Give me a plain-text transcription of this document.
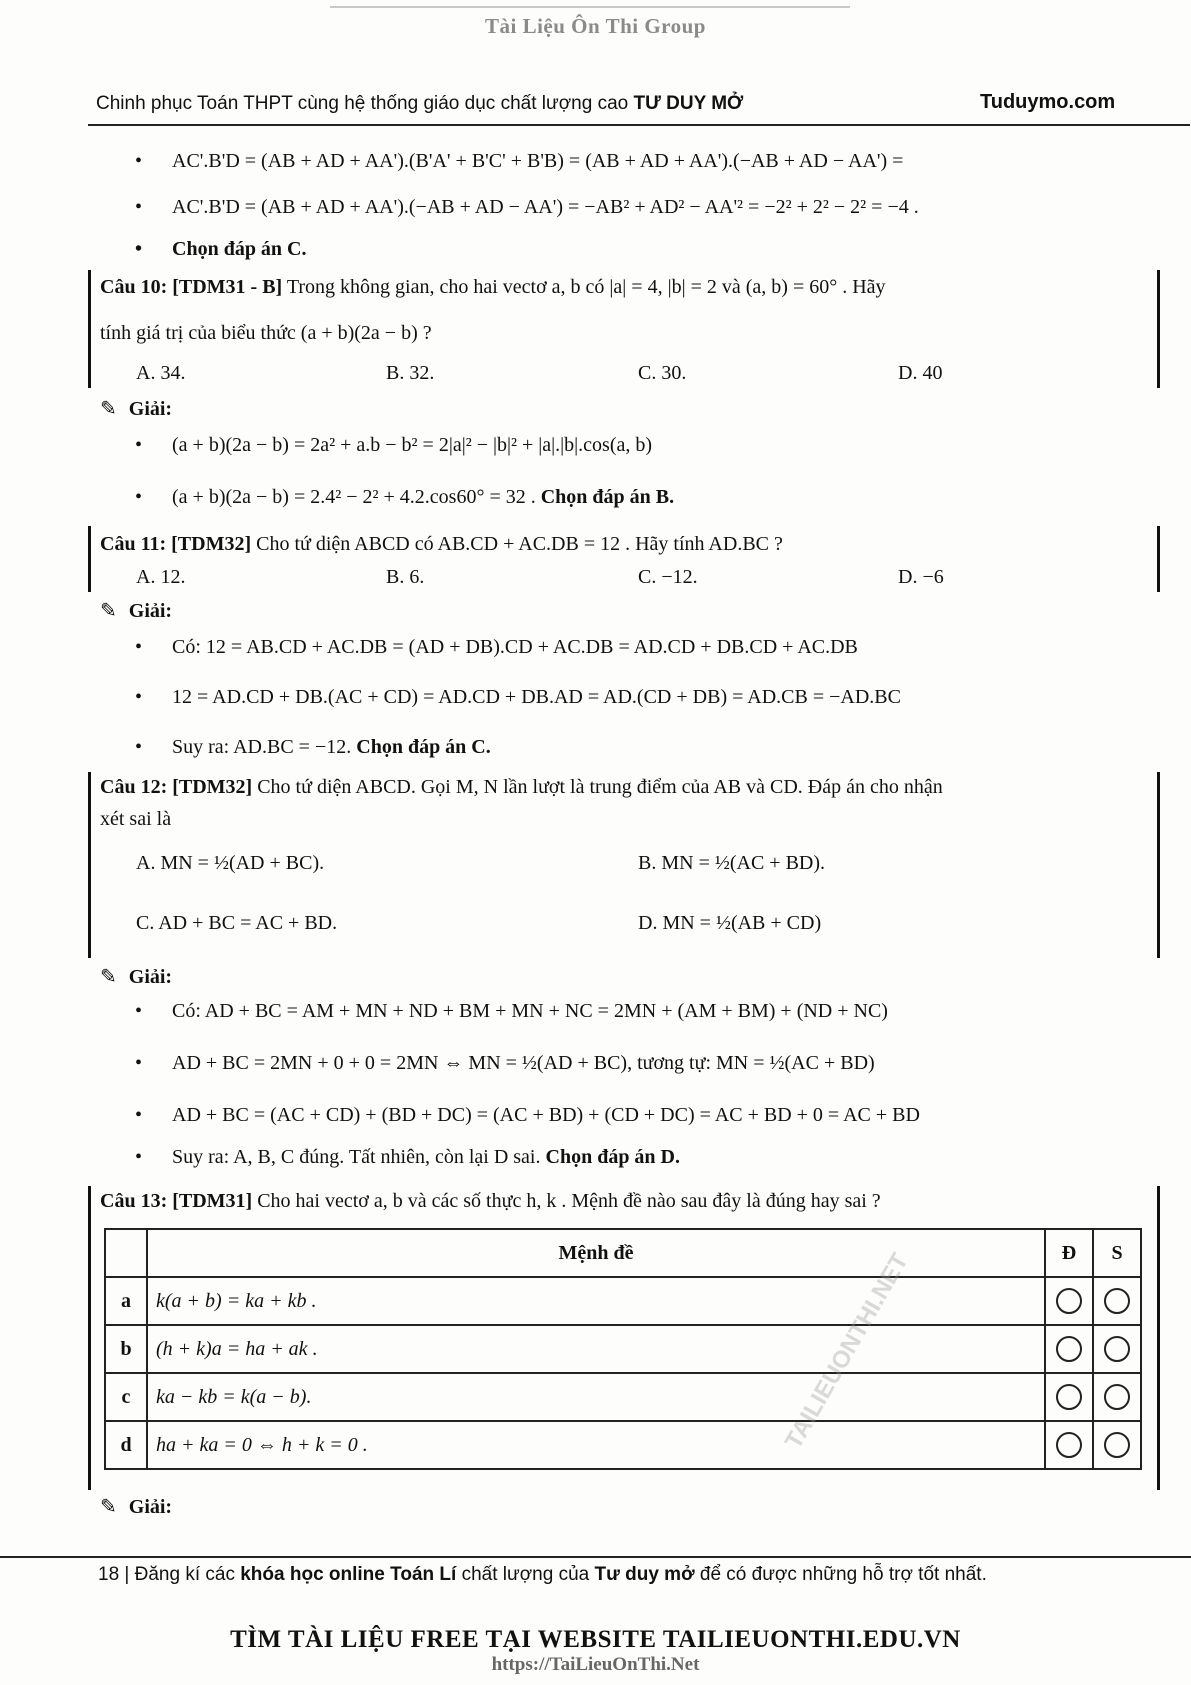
Tài Liệu Ôn Thi Group
Chinh phục Toán THPT cùng hệ thống giáo dục chất lượng cao TƯ DUY MỞ	Tuduymo.com
• AC'.B'D = (AB + AD + AA').(B'A' + B'C' + B'B) = (AB + AD + AA').(−AB + AD − AA') =
• AC'.B'D = (AB + AD + AA').(−AB + AD − AA') = −AB² + AD² − AA'² = −2² + 2² − 2² = −4 .
• Chọn đáp án C.
Câu 10: [TDM31 - B] Trong không gian, cho hai vectơ a, b có |a| = 4, |b| = 2 và (a, b) = 60° . Hãy
tính giá trị của biểu thức (a + b)(2a − b) ?
A. 34.	B. 32.	C. 30.	D. 40
✎ Giải:
• (a + b)(2a − b) = 2a² + a.b − b² = 2|a|² − |b|² + |a|.|b|.cos(a, b)
• (a + b)(2a − b) = 2.4² − 2² + 4.2.cos60° = 32 . Chọn đáp án B.
Câu 11: [TDM32] Cho tứ diện ABCD có AB.CD + AC.DB = 12 . Hãy tính AD.BC ?
A. 12.	B. 6.	C. −12.	D. −6
✎ Giải:
• Có: 12 = AB.CD + AC.DB = (AD + DB).CD + AC.DB = AD.CD + DB.CD + AC.DB
• 12 = AD.CD + DB.(AC + CD) = AD.CD + DB.AD = AD.(CD + DB) = AD.CB = −AD.BC
• Suy ra: AD.BC = −12. Chọn đáp án C.
Câu 12: [TDM32] Cho tứ diện ABCD. Gọi M, N lần lượt là trung điểm của AB và CD. Đáp án cho nhận
xét sai là
A. MN = ½(AD + BC).	B. MN = ½(AC + BD).
C. AD + BC = AC + BD.	D. MN = ½(AB + CD)
✎ Giải:
• Có: AD + BC = AM + MN + ND + BM + MN + NC = 2MN + (AM + BM) + (ND + NC)
• AD + BC = 2MN + 0 + 0 = 2MN ⇔ MN = ½(AD + BC), tương tự: MN = ½(AC + BD)
• AD + BC = (AC + CD) + (BD + DC) = (AC + BD) + (CD + DC) = AC + BD + 0 = AC + BD
• Suy ra: A, B, C đúng. Tất nhiên, còn lại D sai. Chọn đáp án D.
Câu 13: [TDM31] Cho hai vectơ a, b và các số thực h, k . Mệnh đề nào sau đây là đúng hay sai ?
	Mệnh đề	Đ	S
a	k(a + b) = ka + kb .		
b	(h + k)a = ha + ak .		
c	ka − kb = k(a − b).		
d	ha + ka = 0 ⇔ h + k = 0 .		
✎ Giải:
TAILIEUONTHI.NET
18 | Đăng kí các khóa học online Toán Lí chất lượng của Tư duy mở để có được những hỗ trợ tốt nhất.
TÌM TÀI LIỆU FREE TẠI WEBSITE TAILIEUONTHI.EDU.VN
https://TaiLieuOnThi.Net
